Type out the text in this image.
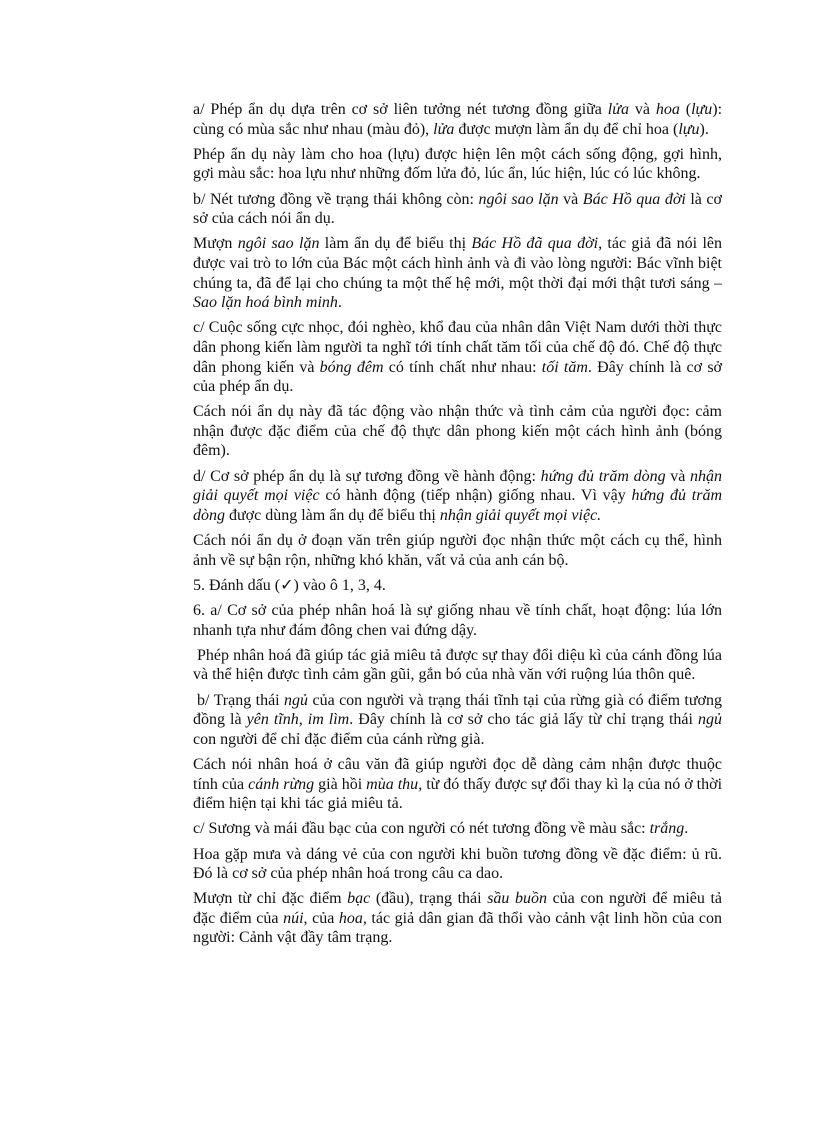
a/ Phép ẩn dụ dựa trên cơ sở liên tưởng nét tương đồng giữa lửa và hoa (lựu): cùng có mùa sắc như nhau (màu đỏ), lửa được mượn làm ẩn dụ để chỉ hoa (lựu).

Phép ẩn dụ này làm cho hoa (lựu) được hiện lên một cách sống động, gợi hình, gợi màu sắc: hoa lựu như những đốm lửa đỏ, lúc ẩn, lúc hiện, lúc có lúc không.

b/ Nét tương đồng về trạng thái không còn: ngôi sao lặn và Bác Hồ qua đời là cơ sở của cách nói ẩn dụ.

Mượn ngôi sao lặn làm ẩn dụ để biểu thị Bác Hồ đã qua đời, tác giả đã nói lên được vai trò to lớn của Bác một cách hình ảnh và đi vào lòng người: Bác vĩnh biệt chúng ta, đã để lại cho chúng ta một thế hệ mới, một thời đại mới thật tươi sáng – Sao lặn hoá bình minh.

c/ Cuộc sống cực nhọc, đói nghèo, khổ đau của nhân dân Việt Nam dưới thời thực dân phong kiến làm người ta nghĩ tới tính chất tăm tối của chế độ đó. Chế độ thực dân phong kiến và bóng đêm có tính chất như nhau: tối tăm. Đây chính là cơ sở của phép ẩn dụ.

Cách nói ẩn dụ này đã tác động vào nhận thức và tình cảm của người đọc: cảm nhận được đặc điểm của chế độ thực dân phong kiến một cách hình ảnh (bóng đêm).

d/ Cơ sở phép ẩn dụ là sự tương đồng về hành động: hứng đủ trăm dòng và nhận giải quyết mọi việc có hành động (tiếp nhận) giống nhau. Vì vậy hứng đủ trăm dòng được dùng làm ẩn dụ để biểu thị nhận giải quyết mọi việc.

Cách nói ẩn dụ ở đoạn văn trên giúp người đọc nhận thức một cách cụ thể, hình ảnh về sự bận rộn, những khó khăn, vất vả của anh cán bộ.

5. Đánh dấu (✓) vào ô 1, 3, 4.

6. a/ Cơ sở của phép nhân hoá là sự giống nhau về tính chất, hoạt động: lúa lớn nhanh tựa như đám đông chen vai đứng dậy.

Phép nhân hoá đã giúp tác giả miêu tả được sự thay đổi diệu kì của cánh đồng lúa và thể hiện được tình cảm gần gũi, gắn bó của nhà văn với ruộng lúa thôn quê.

b/ Trạng thái ngủ của con người và trạng thái tĩnh tại của rừng già có điểm tương đồng là yên tĩnh, im lìm. Đây chính là cơ sở cho tác giả lấy từ chỉ trạng thái ngủ con người để chỉ đặc điểm của cánh rừng già.

Cách nói nhân hoá ở câu văn đã giúp người đọc dễ dàng cảm nhận được thuộc tính của cánh rừng già hồi mùa thu, từ đó thấy được sự đổi thay kì lạ của nó ở thời điểm hiện tại khi tác giả miêu tả.

c/ Sương và mái đầu bạc của con người có nét tương đồng về màu sắc: trắng.

Hoa gặp mưa và dáng vẻ của con người khi buồn tương đồng về đặc điểm: ủ rũ. Đó là cơ sở của phép nhân hoá trong câu ca dao.

Mượn từ chỉ đặc điểm bạc (đầu), trạng thái sầu buồn của con người để miêu tả đặc điểm của núi, của hoa, tác giả dân gian đã thổi vào cảnh vật linh hồn của con người: Cảnh vật đầy tâm trạng.
